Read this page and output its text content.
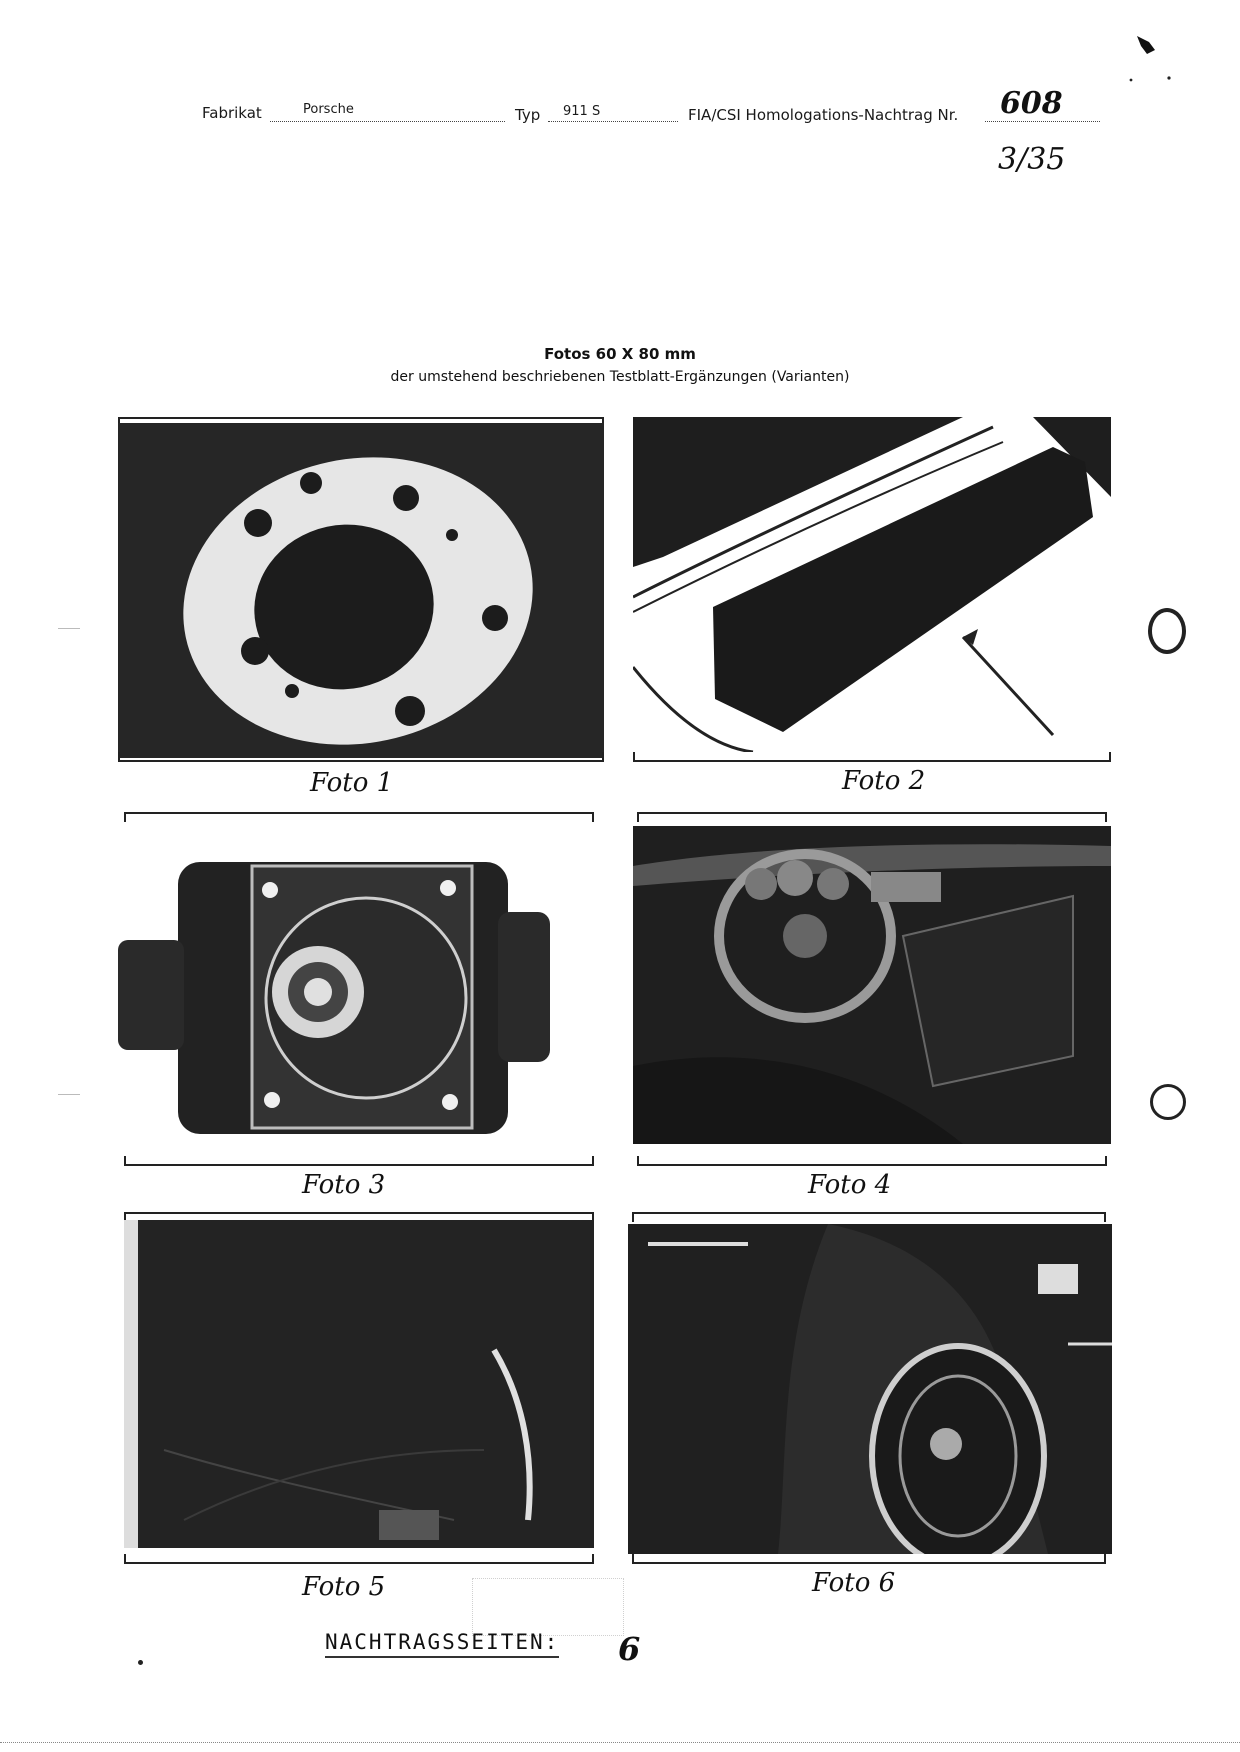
Fabrikat	Porsche	Typ 911 S	FIA/CSI Homologations-Nachtrag Nr. 608
3/35
Fotos 60 X 80 mm
der umstehend beschriebenen Testblatt-Ergänzungen (Varianten)
Foto 1	Foto 2
Foto 3	Foto 4
Foto 5	Foto 6
NACHTRAGSSEITEN: 6
